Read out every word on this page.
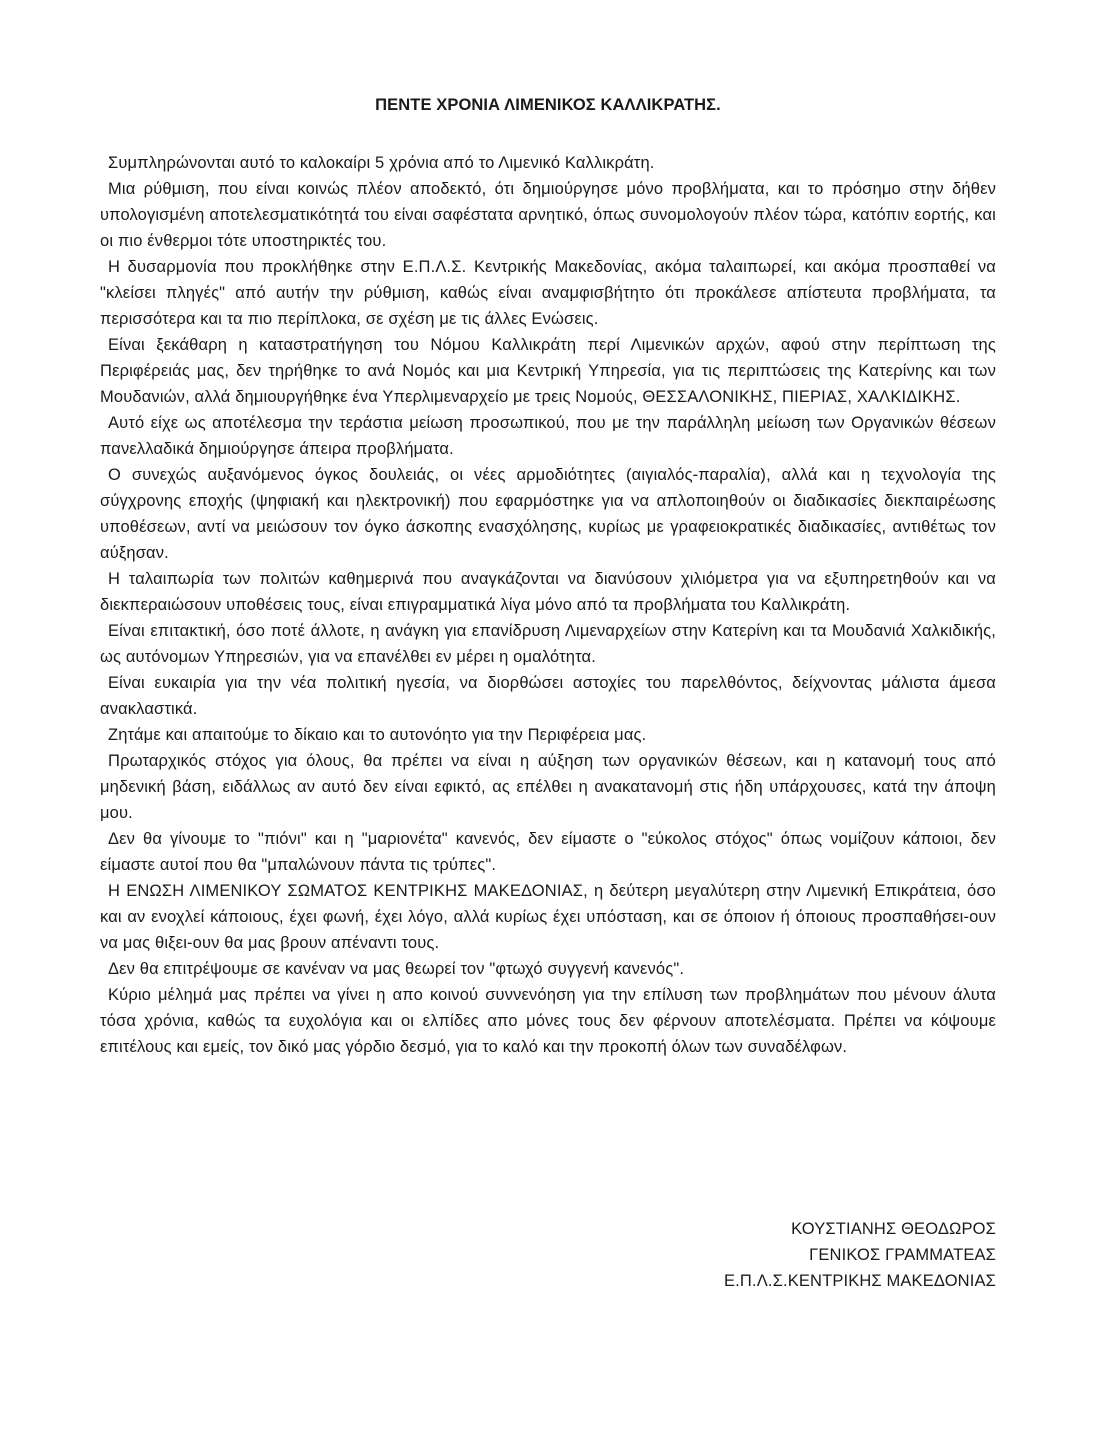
ΠΕΝΤΕ ΧΡΟΝΙΑ ΛΙΜΕΝΙΚΟΣ ΚΑΛΛΙΚΡΑΤΗΣ.

Συμπληρώνονται αυτό το καλοκαίρι 5 χρόνια από το Λιμενικό Καλλικράτη.

Μια ρύθμιση, που είναι κοινώς πλέον αποδεκτό, ότι δημιούργησε μόνο προβλήματα, και το πρόσημο στην δήθεν υπολογισμένη αποτελεσματικότητά του είναι σαφέστατα αρνητικό, όπως συνομολογούν πλέον τώρα, κατόπιν εορτής, και οι πιο ένθερμοι τότε υποστηρικτές του.

Η δυσαρμονία που προκλήθηκε στην Ε.Π.Λ.Σ. Κεντρικής Μακεδονίας, ακόμα ταλαιπωρεί, και ακόμα προσπαθεί να "κλείσει πληγές" από αυτήν την ρύθμιση, καθώς είναι αναμφισβήτητο ότι προκάλεσε απίστευτα προβλήματα, τα περισσότερα και τα πιο περίπλοκα, σε σχέση με τις άλλες Ενώσεις.

Είναι ξεκάθαρη η καταστρατήγηση του Νόμου Καλλικράτη περί Λιμενικών αρχών, αφού στην περίπτωση της Περιφέρειάς μας, δεν τηρήθηκε το ανά Νομός και μια Κεντρική Υπηρεσία, για τις περιπτώσεις της Κατερίνης και των Μουδανιών, αλλά δημιουργήθηκε ένα Υπερλιμεναρχείο με τρεις Νομούς, ΘΕΣΣΑΛΟΝΙΚΗΣ, ΠΙΕΡΙΑΣ, ΧΑΛΚΙΔΙΚΗΣ.

Αυτό είχε ως αποτέλεσμα την τεράστια μείωση προσωπικού, που με την παράλληλη μείωση των Οργανικών θέσεων πανελλαδικά δημιούργησε άπειρα προβλήματα.

Ο συνεχώς αυξανόμενος όγκος δουλειάς, οι νέες αρμοδιότητες (αιγιαλός-παραλία), αλλά και η τεχνολογία της σύγχρονης εποχής (ψηφιακή και ηλεκτρονική) που εφαρμόστηκε για να απλοποιηθούν οι διαδικασίες διεκπαιρέωσης υποθέσεων, αντί να μειώσουν τον όγκο άσκοπης ενασχόλησης, κυρίως με γραφειοκρατικές διαδικασίες, αντιθέτως τον αύξησαν.

Η ταλαιπωρία των πολιτών καθημερινά που αναγκάζονται να διανύσουν χιλιόμετρα για να εξυπηρετηθούν και να διεκπεραιώσουν υποθέσεις τους, είναι επιγραμματικά λίγα μόνο από τα προβλήματα του Καλλικράτη.

Είναι επιτακτική, όσο ποτέ άλλοτε, η ανάγκη για επανίδρυση Λιμεναρχείων στην Κατερίνη και τα Μουδανιά Χαλκιδικής, ως αυτόνομων Υπηρεσιών, για να επανέλθει εν μέρει η ομαλότητα.

Είναι ευκαιρία για την νέα πολιτική ηγεσία, να διορθώσει αστοχίες του παρελθόντος, δείχνοντας μάλιστα άμεσα ανακλαστικά.

Ζητάμε και απαιτούμε το δίκαιο και το αυτονόητο για την Περιφέρεια μας.

Πρωταρχικός στόχος για όλους, θα πρέπει να είναι η αύξηση των οργανικών θέσεων, και η κατανομή τους από μηδενική βάση, ειδάλλως αν αυτό δεν είναι εφικτό, ας επέλθει η ανακατανομή στις ήδη υπάρχουσες, κατά την άποψη μου.

Δεν θα γίνουμε το "πιόνι" και η "μαριονέτα" κανενός, δεν είμαστε ο "εύκολος στόχος" όπως νομίζουν κάποιοι, δεν είμαστε αυτοί που θα "μπαλώνουν πάντα τις τρύπες".

Η ΕΝΩΣΗ ΛΙΜΕΝΙΚΟΥ ΣΩΜΑΤΟΣ ΚΕΝΤΡΙΚΗΣ ΜΑΚΕΔΟΝΙΑΣ, η δεύτερη μεγαλύτερη στην Λιμενική Επικράτεια, όσο και αν ενοχλεί κάποιους, έχει φωνή, έχει λόγο, αλλά κυρίως έχει υπόσταση, και σε όποιον ή όποιους προσπαθήσει-ουν να μας θιξει-ουν θα μας βρουν απέναντι τους.

Δεν θα επιτρέψουμε σε κανέναν να μας θεωρεί τον "φτωχό συγγενή κανενός".

Κύριο μέλημά μας πρέπει να γίνει η απο κοινού συννενόηση για την επίλυση των προβλημάτων που μένουν άλυτα τόσα χρόνια, καθώς τα ευχολόγια και οι ελπίδες απο μόνες τους δεν φέρνουν αποτελέσματα. Πρέπει να κόψουμε επιτέλους και εμείς, τον δικό μας γόρδιο δεσμό, για το καλό και την προκοπή όλων των συναδέλφων.

ΚΟΥΣΤΙΑΝΗΣ ΘΕΟΔΩΡΟΣ
ΓΕΝΙΚΟΣ ΓΡΑΜΜΑΤΕΑΣ
Ε.Π.Λ.Σ.ΚΕΝΤΡΙΚΗΣ ΜΑΚΕΔΟΝΙΑΣ
